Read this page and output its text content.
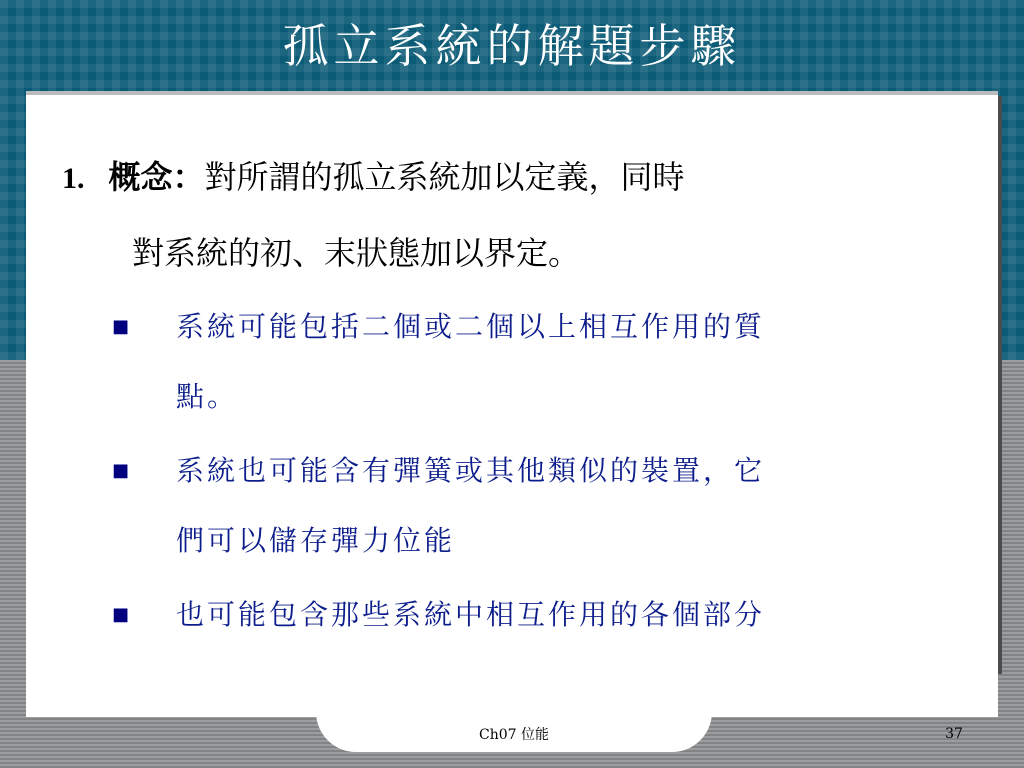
孤立系統的解題步驟
1. 概念：對所謂的孤立系統加以定義，同時
對系統的初、末狀態加以界定。
■ 系統可能包括二個或二個以上相互作用的質
點。
■ 系統也可能含有彈簧或其他類似的裝置，它
們可以儲存彈力位能
■ 也可能包含那些系統中相互作用的各個部分
Ch07 位能	37
